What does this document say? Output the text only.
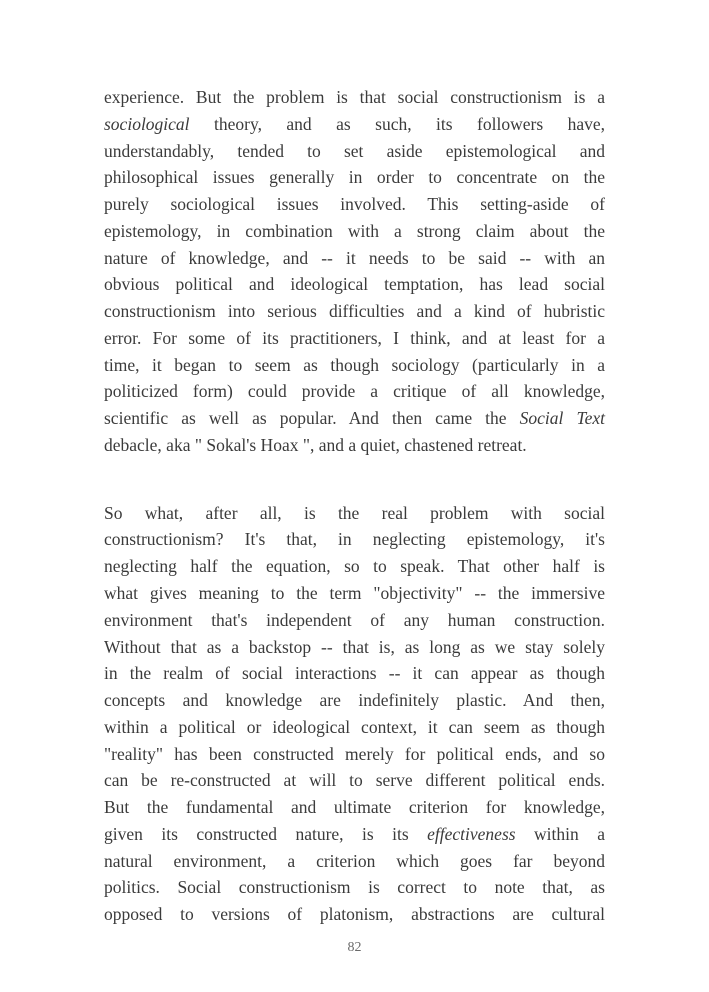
experience. But the problem is that social constructionism is a
sociological theory, and as such, its followers have,
understandably, tended to set aside epistemological and
philosophical issues generally in order to concentrate on the
purely sociological issues involved. This setting-aside of
epistemology, in combination with a strong claim about the
nature of knowledge, and -- it needs to be said -- with an
obvious political and ideological temptation, has lead social
constructionism into serious difficulties and a kind of hubristic
error. For some of its practitioners, I think, and at least for a
time, it began to seem as though sociology (particularly in a
politicized form) could provide a critique of all knowledge,
scientific as well as popular. And then came the Social Text
debacle, aka " Sokal's Hoax ", and a quiet, chastened retreat.
So what, after all, is the real problem with social
constructionism? It's that, in neglecting epistemology, it's
neglecting half the equation, so to speak. That other half is
what gives meaning to the term "objectivity" -- the immersive
environment that's independent of any human construction.
Without that as a backstop -- that is, as long as we stay solely
in the realm of social interactions -- it can appear as though
concepts and knowledge are indefinitely plastic. And then,
within a political or ideological context, it can seem as though
"reality" has been constructed merely for political ends, and so
can be re-constructed at will to serve different political ends.
But the fundamental and ultimate criterion for knowledge,
given its constructed nature, is its effectiveness within a
natural environment, a criterion which goes far beyond
politics. Social constructionism is correct to note that, as
opposed to versions of platonism, abstractions are cultural
82
